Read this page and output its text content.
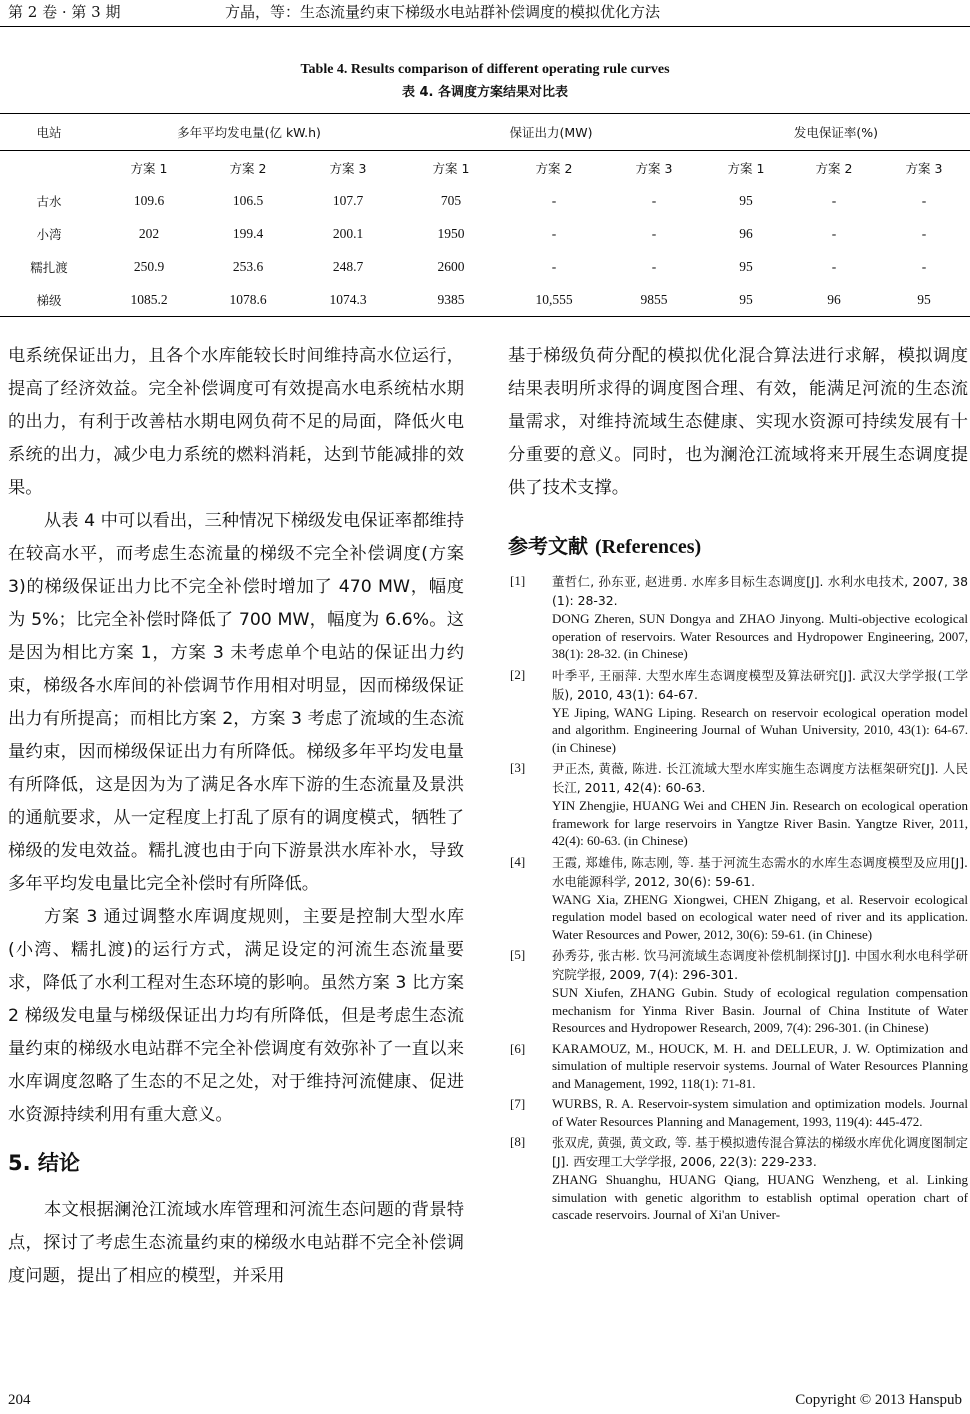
第 2 卷 · 第 3 期	方晶，等：生态流量约束下梯级水电站群补偿调度的模拟优化方法
Table 4. Results comparison of different operating rule curves
表 4. 各调度方案结果对比表
电站	多年平均发电量(亿 kW.h)			保证出力(MW)			发电保证率(%)		
	方案 1	方案 2	方案 3	方案 1	方案 2	方案 3	方案 1	方案 2	方案 3
古水	109.6	106.5	107.7	705	-	-	95	-	-
小湾	202	199.4	200.1	1950	-	-	96	-	-
糯扎渡	250.9	253.6	248.7	2600	-	-	95	-	-
梯级	1085.2	1078.6	1074.3	9385	10,555	9855	95	96	95

电系统保证出力，且各个水库能较长时间维持高水位运行，提高了经济效益。完全补偿调度可有效提高水电系统枯水期的出力，有利于改善枯水期电网负荷不足的局面，降低火电系统的出力，减少电力系统的燃料消耗，达到节能减排的效果。

从表 4 中可以看出，三种情况下梯级发电保证率都维持在较高水平，而考虑生态流量的梯级不完全补偿调度(方案 3)的梯级保证出力比不完全补偿时增加了 470 MW，幅度为 5%；比完全补偿时降低了 700 MW，幅度为 6.6%。这是因为相比方案 1，方案 3 未考虑单个电站的保证出力约束，梯级各水库间的补偿调节作用相对明显，因而梯级保证出力有所提高；而相比方案 2，方案 3 考虑了流域的生态流量约束，因而梯级保证出力有所降低。梯级多年平均发电量有所降低，这是因为为了满足各水库下游的生态流量及景洪的通航要求，从一定程度上打乱了原有的调度模式，牺牲了梯级的发电效益。糯扎渡也由于向下游景洪水库补水，导致多年平均发电量比完全补偿时有所降低。

方案 3 通过调整水库调度规则，主要是控制大型水库(小湾、糯扎渡)的运行方式，满足设定的河流生态流量要求，降低了水利工程对生态环境的影响。虽然方案 3 比方案 2 梯级发电量与梯级保证出力均有所降低，但是考虑生态流量约束的梯级水电站群不完全补偿调度有效弥补了一直以来水库调度忽略了生态的不足之处，对于维持河流健康、促进水资源持续利用有重大意义。

5. 结论

本文根据澜沧江流域水库管理和河流生态问题的背景特点，探讨了考虑生态流量约束的梯级水电站群不完全补偿调度问题，提出了相应的模型，并采用

基于梯级负荷分配的模拟优化混合算法进行求解，模拟调度结果表明所求得的调度图合理、有效，能满足河流的生态流量需求，对维持流域生态健康、实现水资源可持续发展有十分重要的意义。同时，也为澜沧江流域将来开展生态调度提供了技术支撑。

参考文献 (References)
[1] 董哲仁, 孙东亚, 赵进勇. 水库多目标生态调度[J]. 水利水电技术, 2007, 38(1): 28-32.

DONG Zheren, SUN Dongya and ZHAO Jinyong. Multi-objective ecological operation of reservoirs. Water Resources and Hydropower Engineering, 2007, 38(1): 28-32. (in Chinese)

[2] 叶季平, 王丽萍. 大型水库生态调度模型及算法研究[J]. 武汉大学学报(工学版), 2010, 43(1): 64-67.

YE Jiping, WANG Liping. Research on reservoir ecological operation model and algorithm. Engineering Journal of Wuhan University, 2010, 43(1): 64-67. (in Chinese)

[3] 尹正杰, 黄薇, 陈进. 长江流域大型水库实施生态调度方法框架研究[J]. 人民长江, 2011, 42(4): 60-63.

YIN Zhengjie, HUANG Wei and CHEN Jin. Research on ecological operation framework for large reservoirs in Yangtze River Basin. Yangtze River, 2011, 42(4): 60-63. (in Chinese)

[4] 王霞, 郑雄伟, 陈志刚, 等. 基于河流生态需水的水库生态调度模型及应用[J]. 水电能源科学, 2012, 30(6): 59-61.

WANG Xia, ZHENG Xiongwei, CHEN Zhigang, et al. Reservoir ecological regulation model based on ecological water need of river and its application. Water Resources and Power, 2012, 30(6): 59-61. (in Chinese)

[5] 孙秀芬, 张古彬. 饮马河流域生态调度补偿机制探讨[J]. 中国水利水电科学研究院学报, 2009, 7(4): 296-301.

SUN Xiufen, ZHANG Gubin. Study of ecological regulation compensation mechanism for Yinma River Basin. Journal of China Institute of Water Resources and Hydropower Research, 2009, 7(4): 296-301. (in Chinese)

[6] KARAMOUZ, M., HOUCK, M. H. and DELLEUR, J. W. Optimization and simulation of multiple reservoir systems. Journal of Water Resources Planning and Management, 1992, 118(1): 71-81.

[7] WURBS, R. A. Reservoir-system simulation and optimization models. Journal of Water Resources Planning and Management, 1993, 119(4): 445-472.

[8] 张双虎, 黄强, 黄文政, 等. 基于模拟遗传混合算法的梯级水库优化调度图制定[J]. 西安理工大学学报, 2006, 22(3): 229-233.

ZHANG Shuanghu, HUANG Qiang, HUANG Wenzheng, et al. Linking simulation with genetic algorithm to establish optimal operation chart of cascade reservoirs. Journal of Xi'an Univer-

204	Copyright © 2013 Hanspub
